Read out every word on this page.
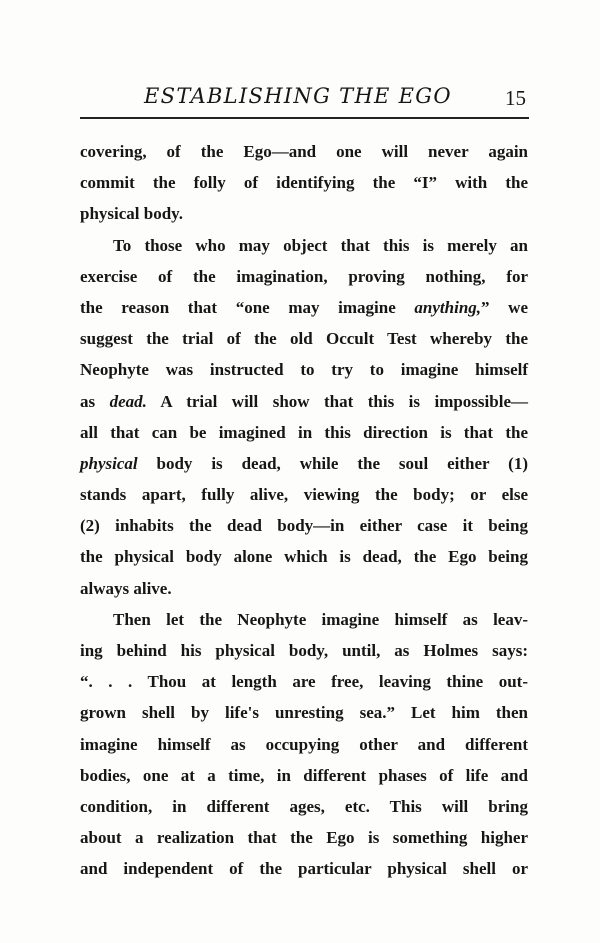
ESTABLISHING THE EGO	15
covering, of the Ego—and one will never again
commit the folly of identifying the “I” with the
physical body.
To those who may object that this is merely an
exercise of the imagination, proving nothing, for
the reason that “one may imagine anything,” we
suggest the trial of the old Occult Test whereby the
Neophyte was instructed to try to imagine himself
as dead. A trial will show that this is impossible—
all that can be imagined in this direction is that the
physical body is dead, while the soul either (1)
stands apart, fully alive, viewing the body; or else
(2) inhabits the dead body—in either case it being
the physical body alone which is dead, the Ego being
always alive.
Then let the Neophyte imagine himself as leav-
ing behind his physical body, until, as Holmes says:
“. . . Thou at length are free, leaving thine out-
grown shell by life's unresting sea.” Let him then
imagine himself as occupying other and different
bodies, one at a time, in different phases of life and
condition, in different ages, etc. This will bring
about a realization that the Ego is something higher
and independent of the particular physical shell or
